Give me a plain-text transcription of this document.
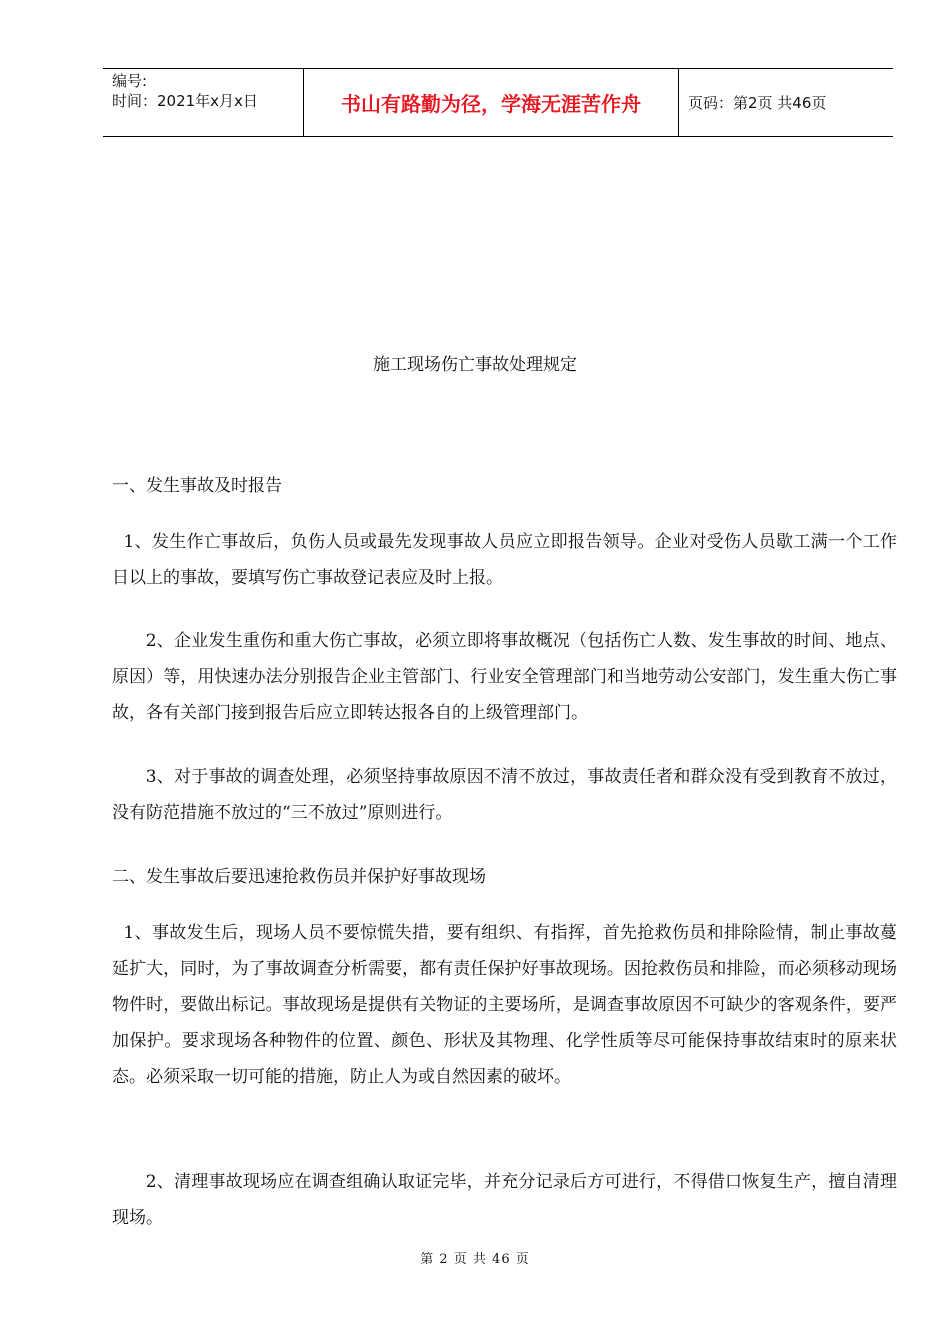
编号:
时间：2021年x月x日	书山有路勤为径，学海无涯苦作舟	页码：第2页 共46页
施工现场伤亡事故处理规定
一、发生事故及时报告
1、发生作亡事故后，负伤人员或最先发现事故人员应立即报告领导。企业对受伤人员歇工满一个工作日以上的事故，要填写伤亡事故登记表应及时上报。
2、企业发生重伤和重大伤亡事故，必须立即将事故概况（包括伤亡人数、发生事故的时间、地点、原因）等，用快速办法分别报告企业主管部门、行业安全管理部门和当地劳动公安部门，发生重大伤亡事故，各有关部门接到报告后应立即转达报各自的上级管理部门。
3、对于事故的调查处理，必须坚持事故原因不清不放过，事故责任者和群众没有受到教育不放过，没有防范措施不放过的“三不放过”原则进行。
二、发生事故后要迅速抢救伤员并保护好事故现场
1、事故发生后，现场人员不要惊慌失措，要有组织、有指挥，首先抢救伤员和排除险情，制止事故蔓延扩大，同时，为了事故调查分析需要，都有责任保护好事故现场。因抢救伤员和排险，而必须移动现场物件时，要做出标记。事故现场是提供有关物证的主要场所，是调查事故原因不可缺少的客观条件，要严加保护。要求现场各种物件的位置、颜色、形状及其物理、化学性质等尽可能保持事故结束时的原来状态。必须采取一切可能的措施，防止人为或自然因素的破坏。
2、清理事故现场应在调查组确认取证完毕，并充分记录后方可进行，不得借口恢复生产，擅自清理现场。
第 2 页 共 46 页
